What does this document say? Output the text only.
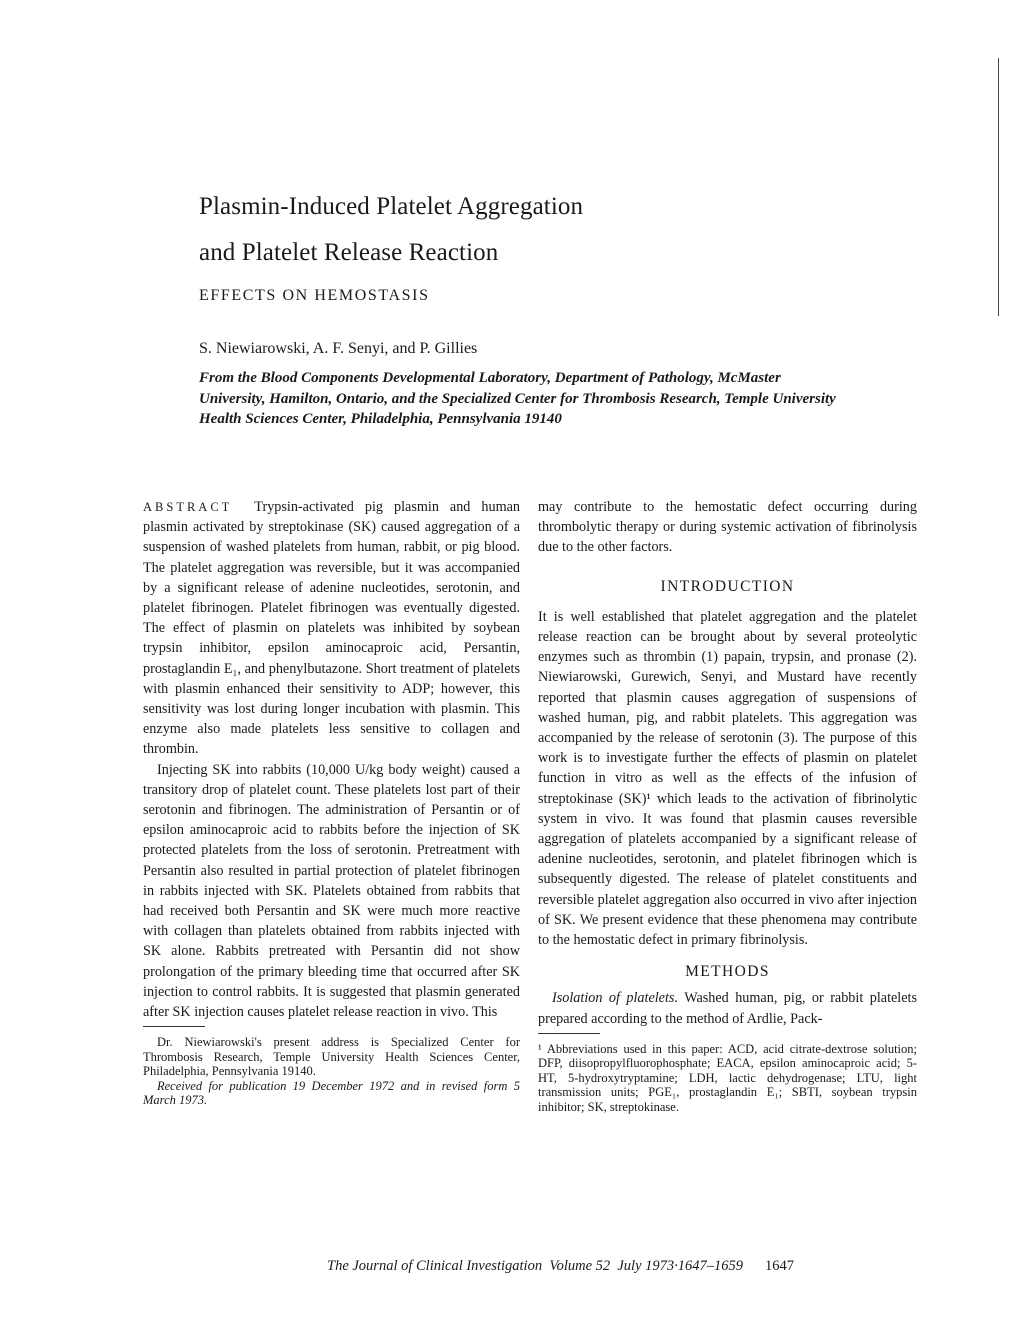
Plasmin-Induced Platelet Aggregation
and Platelet Release Reaction
EFFECTS ON HEMOSTASIS
S. Niewiarowski, A. F. Senyi, and P. Gillies
From the Blood Components Developmental Laboratory, Department of Pathology, McMaster University, Hamilton, Ontario, and the Specialized Center for Thrombosis Research, Temple University Health Sciences Center, Philadelphia, Pennsylvania 19140

ABSTRACT Trypsin-activated pig plasmin and human plasmin activated by streptokinase (SK) caused aggregation of a suspension of washed platelets from human, rabbit, or pig blood. The platelet aggregation was reversible, but it was accompanied by a significant release of adenine nucleotides, serotonin, and platelet fibrinogen. Platelet fibrinogen was eventually digested. The effect of plasmin on platelets was inhibited by soybean trypsin inhibitor, epsilon aminocaproic acid, Persantin, prostaglandin E₁, and phenylbutazone. Short treatment of platelets with plasmin enhanced their sensitivity to ADP; however, this sensitivity was lost during longer incubation with plasmin. This enzyme also made platelets less sensitive to collagen and thrombin.

Injecting SK into rabbits (10,000 U/kg body weight) caused a transitory drop of platelet count. These platelets lost part of their serotonin and fibrinogen. The administration of Persantin or of epsilon aminocaproic acid to rabbits before the injection of SK protected platelets from the loss of serotonin. Pretreatment with Persantin also resulted in partial protection of platelet fibrinogen in rabbits injected with SK. Platelets obtained from rabbits that had received both Persantin and SK were much more reactive with collagen than platelets obtained from rabbits injected with SK alone. Rabbits pretreated with Persantin did not show prolongation of the primary bleeding time that occurred after SK injection to control rabbits. It is suggested that plasmin generated after SK injection causes platelet release reaction in vivo. This

Dr. Niewiarowski's present address is Specialized Center for Thrombosis Research, Temple University Health Sciences Center, Philadelphia, Pennsylvania 19140.

Received for publication 19 December 1972 and in revised form 5 March 1973.

may contribute to the hemostatic defect occurring during thrombolytic therapy or during systemic activation of fibrinolysis due to the other factors.

INTRODUCTION

It is well established that platelet aggregation and the platelet release reaction can be brought about by several proteolytic enzymes such as thrombin (1) papain, trypsin, and pronase (2). Niewiarowski, Gurewich, Senyi, and Mustard have recently reported that plasmin causes aggregation of suspensions of washed human, pig, and rabbit platelets. This aggregation was accompanied by the release of serotonin (3). The purpose of this work is to investigate further the effects of plasmin on platelet function in vitro as well as the effects of the infusion of streptokinase (SK)¹ which leads to the activation of fibrinolytic system in vivo. It was found that plasmin causes reversible aggregation of platelets accompanied by a significant release of adenine nucleotides, serotonin, and platelet fibrinogen which is subsequently digested. The release of platelet constituents and reversible platelet aggregation also occurred in vivo after injection of SK. We present evidence that these phenomena may contribute to the hemostatic defect in primary fibrinolysis.

METHODS

Isolation of platelets. Washed human, pig, or rabbit platelets prepared according to the method of Ardlie, Pack-

¹ Abbreviations used in this paper: ACD, acid citrate-dextrose solution; DFP, diisopropylfluorophosphate; EACA, epsilon aminocaproic acid; 5-HT, 5-hydroxytryptamine; LDH, lactic dehydrogenase; LTU, light transmission units; PGE₁, prostaglandin E₁; SBTI, soybean trypsin inhibitor; SK, streptokinase.
The Journal of Clinical Investigation  Volume 52  July 1973·1647–1659 1647
